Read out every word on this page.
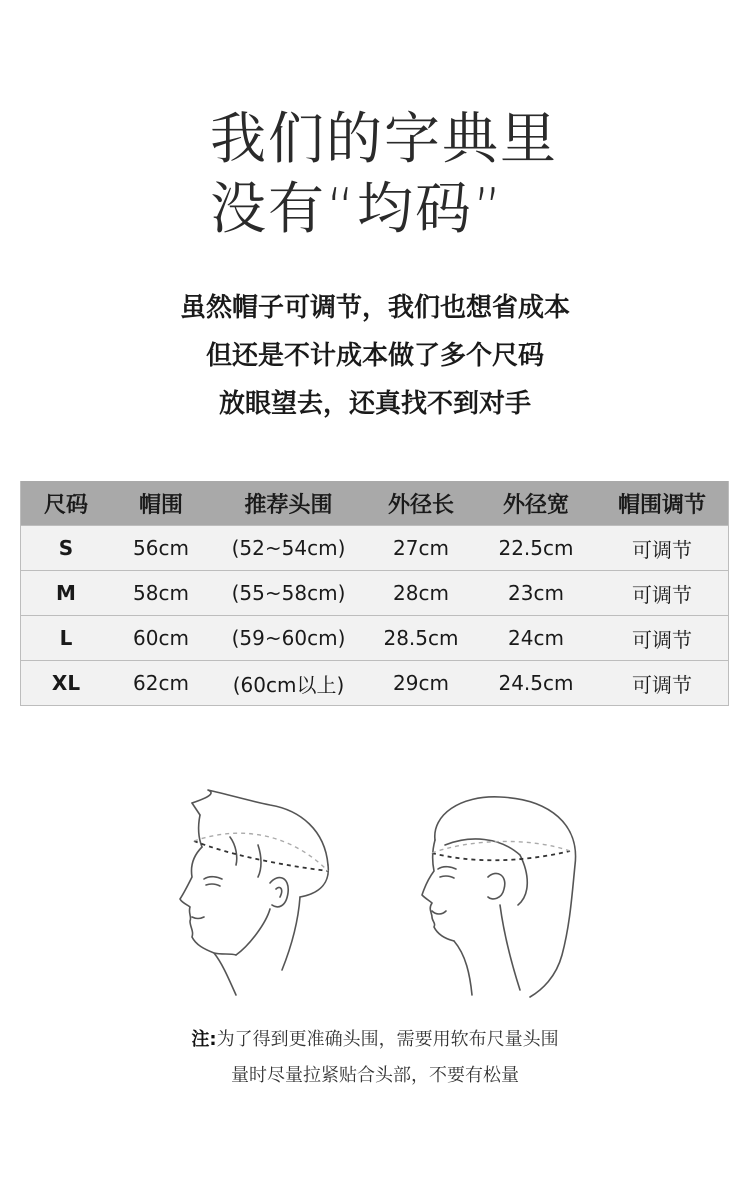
我们的字典里
没有“均码”
虽然帽子可调节，我们也想省成本
但还是不计成本做了多个尺码
放眼望去，还真找不到对手
尺码	帽围	推荐头围	外径长	外径宽	帽围调节
S	56cm	(52~54cm)	27cm	22.5cm	可调节
M	58cm	(55~58cm)	28cm	23cm	可调节
L	60cm	(59~60cm)	28.5cm	24cm	可调节
XL	62cm	(60cm以上)	29cm	24.5cm	可调节
注:为了得到更准确头围，需要用软布尺量头围
量时尽量拉紧贴合头部，不要有松量
